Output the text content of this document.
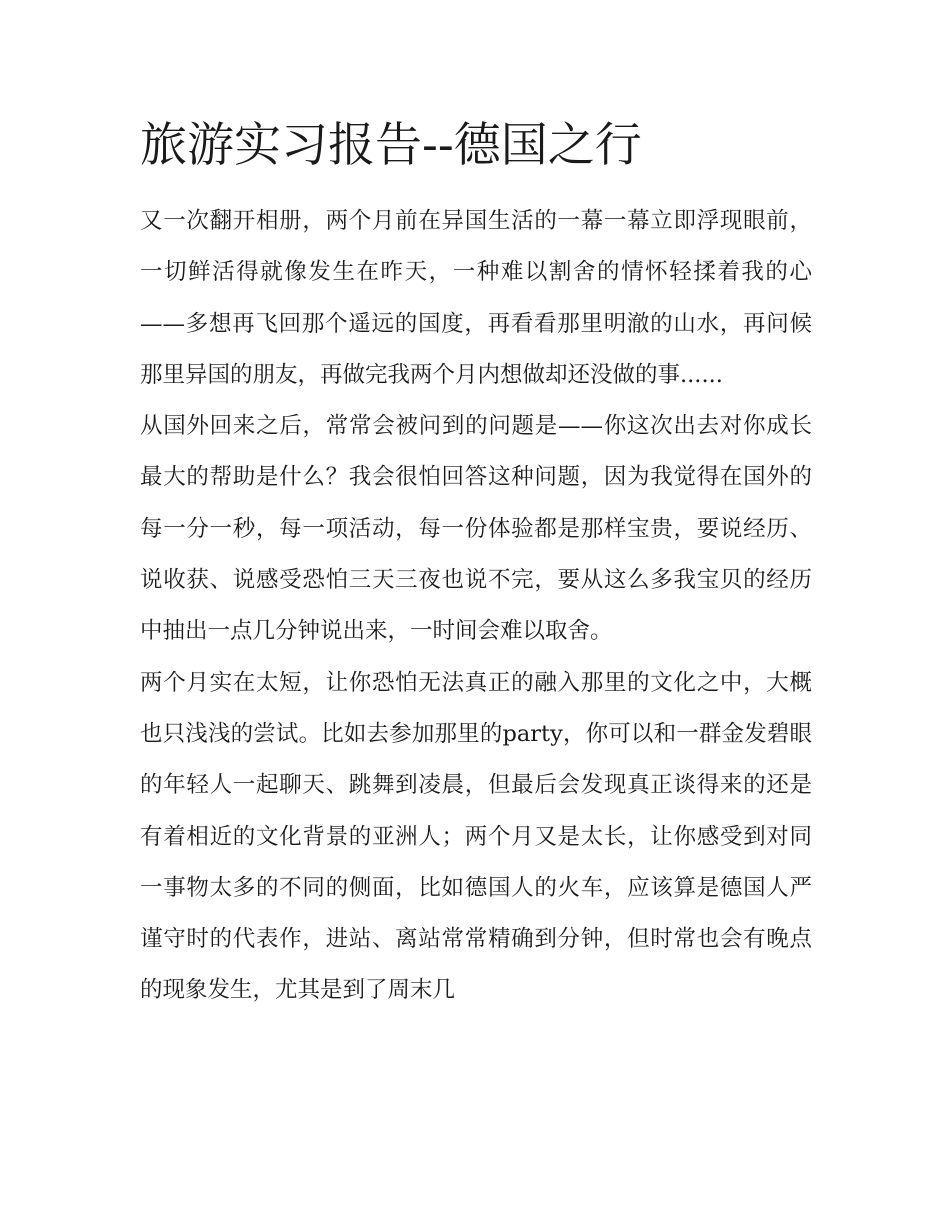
旅游实习报告--德国之行

又一次翻开相册，两个月前在异国生活的一幕一幕立即浮现眼前，一切鲜活得就像发生在昨天，一种难以割舍的情怀轻揉着我的心——多想再飞回那个遥远的国度，再看看那里明澈的山水，再问候那里异国的朋友，再做完我两个月内想做却还没做的事......

从国外回来之后，常常会被问到的问题是——你这次出去对你成长最大的帮助是什么？我会很怕回答这种问题，因为我觉得在国外的每一分一秒，每一项活动，每一份体验都是那样宝贵，要说经历、说收获、说感受恐怕三天三夜也说不完，要从这么多我宝贝的经历中抽出一点几分钟说出来，一时间会难以取舍。

两个月实在太短，让你恐怕无法真正的融入那里的文化之中，大概也只浅浅的尝试。比如去参加那里的party，你可以和一群金发碧眼的年轻人一起聊天、跳舞到凌晨，但最后会发现真正谈得来的还是有着相近的文化背景的亚洲人；两个月又是太长，让你感受到对同一事物太多的不同的侧面，比如德国人的火车，应该算是德国人严谨守时的代表作，进站、离站常常精确到分钟，但时常也会有晚点的现象发生，尤其是到了周末几
